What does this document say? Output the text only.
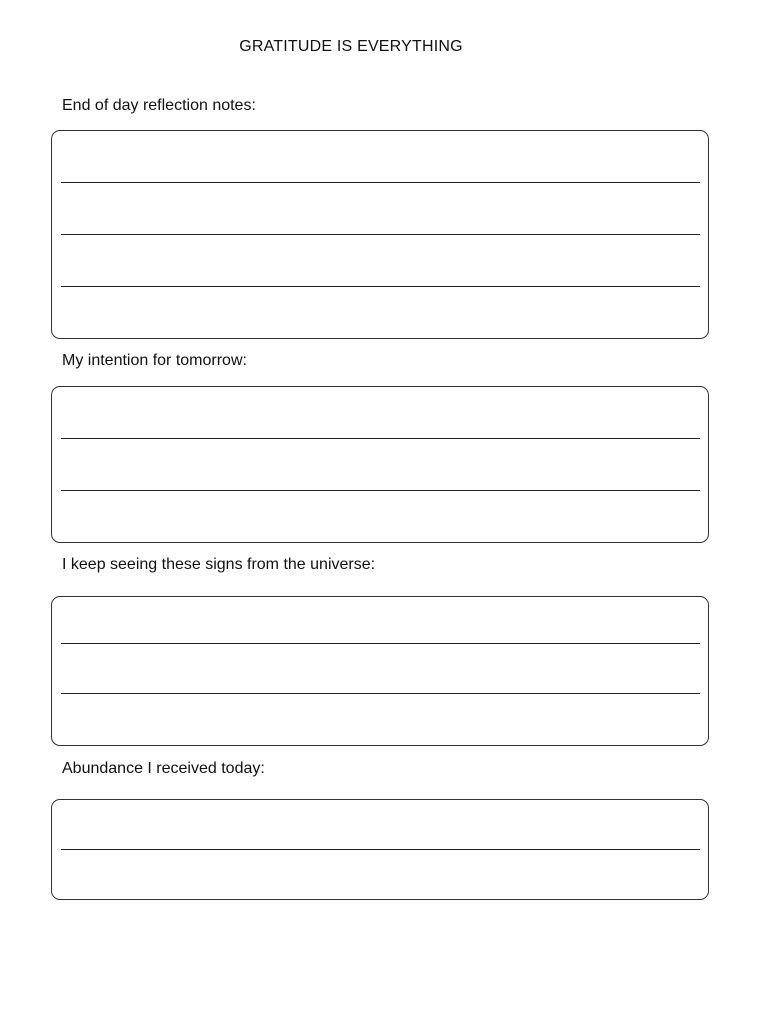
GRATITUDE IS EVERYTHING
End of day reflection notes:
My intention for tomorrow:
I keep seeing these signs from the universe:
Abundance I received today:
